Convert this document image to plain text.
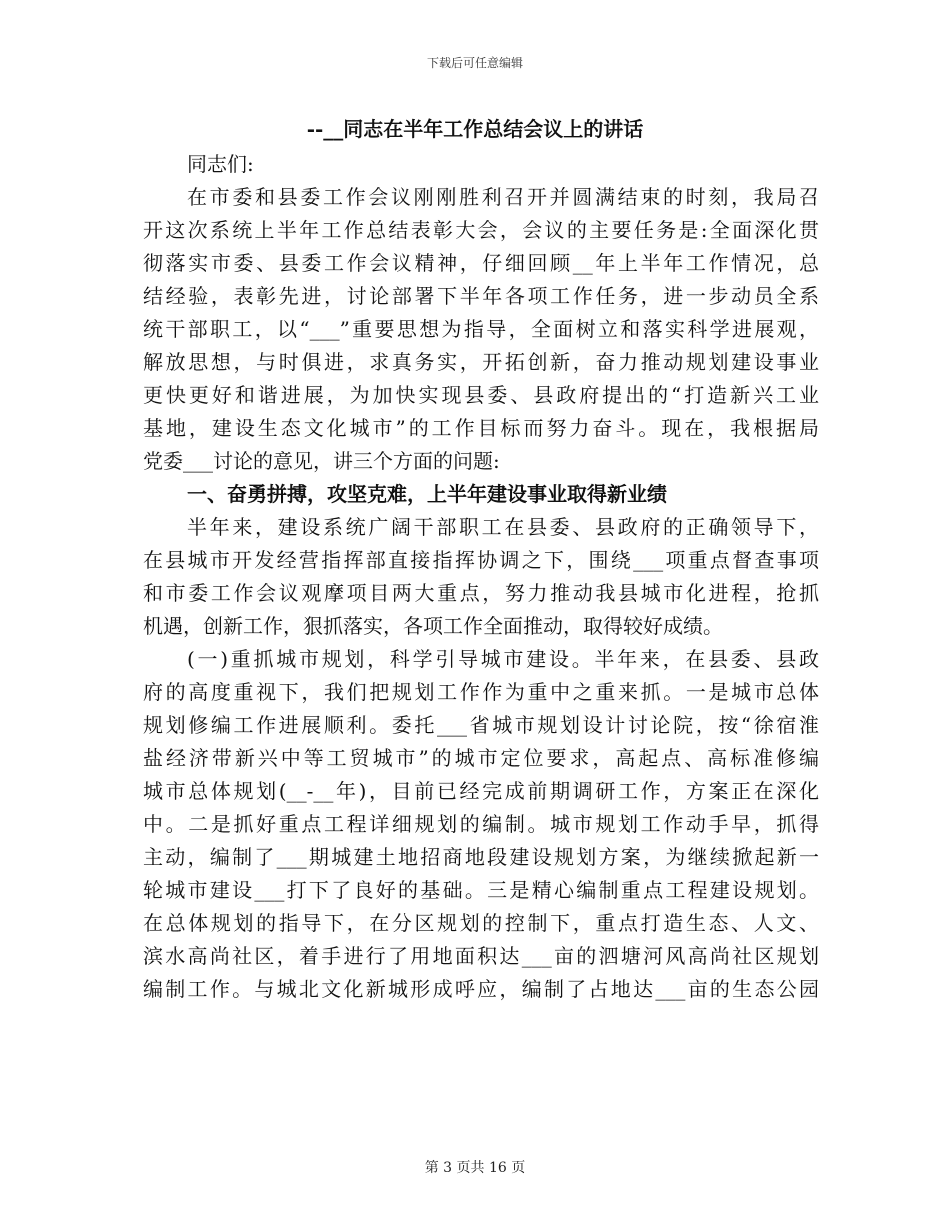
下载后可任意编辑
--__同志在半年工作总结会议上的讲话
同志们:
在市委和县委工作会议刚刚胜利召开并圆满结束的时刻，我局召
开这次系统上半年工作总结表彰大会，会议的主要任务是:全面深化贯
彻落实市委、县委工作会议精神，仔细回顾__年上半年工作情况，总
结经验，表彰先进，讨论部署下半年各项工作任务，进一步动员全系
统干部职工，以“___”重要思想为指导，全面树立和落实科学进展观，
解放思想，与时俱进，求真务实，开拓创新，奋力推动规划建设事业
更快更好和谐进展，为加快实现县委、县政府提出的“打造新兴工业
基地，建设生态文化城市”的工作目标而努力奋斗。现在，我根据局
党委___讨论的意见，讲三个方面的问题:
一、奋勇拼搏，攻坚克难，上半年建设事业取得新业绩
半年来，建设系统广阔干部职工在县委、县政府的正确领导下，
在县城市开发经营指挥部直接指挥协调之下，围绕___项重点督查事项
和市委工作会议观摩项目两大重点，努力推动我县城市化进程，抢抓
机遇，创新工作，狠抓落实，各项工作全面推动，取得较好成绩。
(一)重抓城市规划，科学引导城市建设。半年来，在县委、县政
府的高度重视下，我们把规划工作作为重中之重来抓。一是城市总体
规划修编工作进展顺利。委托___省城市规划设计讨论院，按“徐宿淮
盐经济带新兴中等工贸城市”的城市定位要求，高起点、高标准修编
城市总体规划(__-__年)，目前已经完成前期调研工作，方案正在深化
中。二是抓好重点工程详细规划的编制。城市规划工作动手早，抓得
主动，编制了___期城建土地招商地段建设规划方案，为继续掀起新一
轮城市建设___打下了良好的基础。三是精心编制重点工程建设规划。
在总体规划的指导下，在分区规划的控制下，重点打造生态、人文、
滨水高尚社区，着手进行了用地面积达___亩的泗塘河风高尚社区规划
编制工作。与城北文化新城形成呼应，编制了占地达___亩的生态公园
第 3 页共 16 页
